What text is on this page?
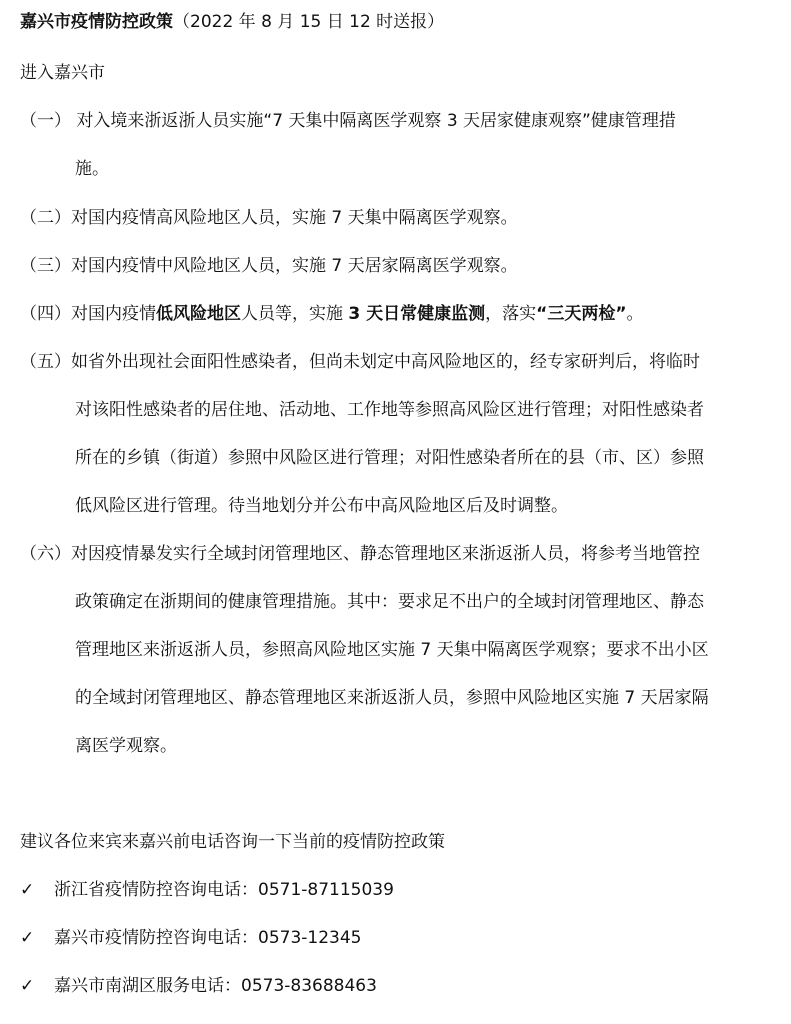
嘉兴市疫情防控政策（2022 年 8 月 15 日 12 时送报）
进入嘉兴市
（一） 对入境来浙返浙人员实施“7 天集中隔离医学观察 3 天居家健康观察”健康管理措
施。
（二）对国内疫情高风险地区人员，实施 7 天集中隔离医学观察。
（三）对国内疫情中风险地区人员，实施 7 天居家隔离医学观察。
（四）对国内疫情低风险地区人员等，实施 3 天日常健康监测，落实“三天两检”。
（五）如省外出现社会面阳性感染者，但尚未划定中高风险地区的，经专家研判后，将临时
对该阳性感染者的居住地、活动地、工作地等参照高风险区进行管理；对阳性感染者
所在的乡镇（街道）参照中风险区进行管理；对阳性感染者所在的县（市、区）参照
低风险区进行管理。待当地划分并公布中高风险地区后及时调整。
（六）对因疫情暴发实行全域封闭管理地区、静态管理地区来浙返浙人员，将参考当地管控
政策确定在浙期间的健康管理措施。其中：要求足不出户的全域封闭管理地区、静态
管理地区来浙返浙人员，参照高风险地区实施 7 天集中隔离医学观察；要求不出小区
的全域封闭管理地区、静态管理地区来浙返浙人员，参照中风险地区实施 7 天居家隔
离医学观察。
建议各位来宾来嘉兴前电话咨询一下当前的疫情防控政策
✓ 浙江省疫情防控咨询电话：0571-87115039
✓ 嘉兴市疫情防控咨询电话：0573-12345
✓ 嘉兴市南湖区服务电话：0573-83688463
